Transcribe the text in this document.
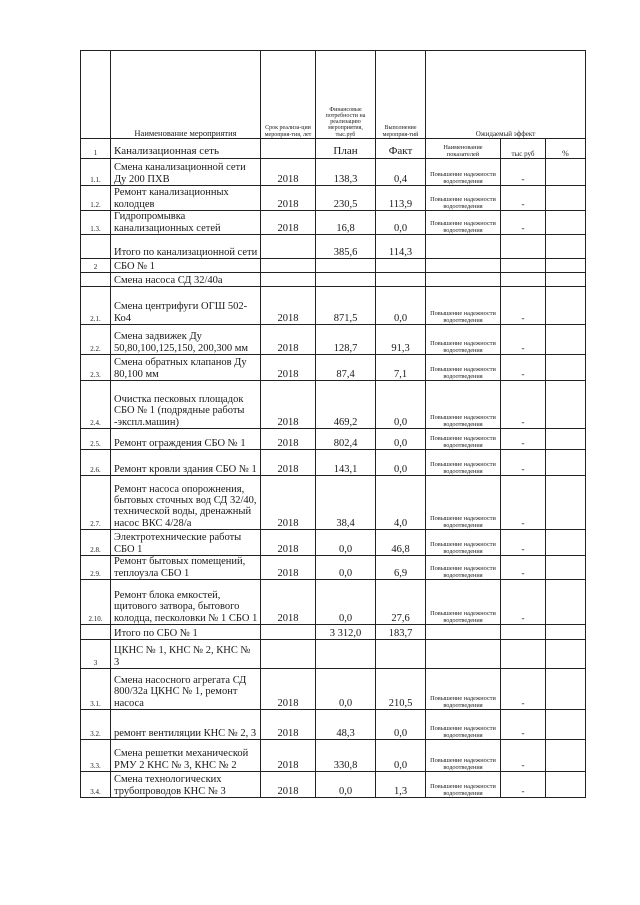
	Наименование мероприятия	Срок реализа-ции мероприя-тия, лет	Финансовые потребности на реализацию мероприятия, тыс.руб	Выполнение мероприя-тий	Ожидаемый эффект		
1	Канализационная сеть		План	Факт	Наименование показателей	тыс руб	%
1.1.	Смена канализационной сети Ду 200 ПХВ	2018	138,3	0,4	Повышение надежности водоотведения	-	
1.2.	Ремонт канализационных колодцев	2018	230,5	113,9	Повышение надежности водоотведения	-	
1.3.	Гидропромывка канализационных сетей	2018	16,8	0,0	Повышение надежности водоотведения	-	
	Итого по канализационной сети		385,6	114,3			
2	СБО № 1						
	Смена насоса СД 32/40а						
2.1.	Смена центрифуги ОГШ 502-Ко4	2018	871,5	0,0	Повышение надежности водоотведения	-	
2.2.	Смена задвижек Ду 50,80,100,125,150, 200,300 мм	2018	128,7	91,3	Повышение надежности водоотведения	-	
2.3.	Смена обратных клапанов Ду 80,100 мм	2018	87,4	7,1	Повышение надежности водоотведения	-	
2.4.	Очистка песковых площадок СБО № 1 (подрядные работы -экспл.машин)	2018	469,2	0,0	Повышение надежности водоотведения	-	
2.5.	Ремонт ограждения СБО № 1	2018	802,4	0,0	Повышение надежности водоотведения	-	
2.6.	Ремонт кровли здания СБО № 1	2018	143,1	0,0	Повышение надежности водоотведения	-	
2.7.	Ремонт насоса опорожнения, бытовых сточных вод СД 32/40, технической воды, дренажный насос ВКС 4/28/а	2018	38,4	4,0	Повышение надежности водоотведения	-	
2.8.	Электротехнические работы СБО 1	2018	0,0	46,8	Повышение надежности водоотведения	-	
2.9.	Ремонт бытовых помещений, теплоузла СБО 1	2018	0,0	6,9	Повышение надежности водоотведения	-	
2.10.	Ремонт блока емкостей, щитового затвора, бытового колодца, песколовки № 1 СБО 1	2018	0,0	27,6	Повышение надежности водоотведения	-	
	Итого по СБО № 1		3 312,0	183,7			
3	ЦКНС № 1, КНС № 2, КНС № 3						
3.1.	Смена насосного агрегата СД 800/32а ЦКНС № 1, ремонт насоса	2018	0,0	210,5	Повышение надежности водоотведения	-	
3.2.	ремонт вентиляции КНС № 2, 3	2018	48,3	0,0	Повышение надежности водоотведения	-	
3.3.	Смена решетки механической РМУ 2 КНС № 3, КНС № 2	2018	330,8	0,0	Повышение надежности водоотведения	-	
3.4.	Смена технологических трубопроводов КНС № 3	2018	0,0	1,3	Повышение надежности водоотведения	-	
